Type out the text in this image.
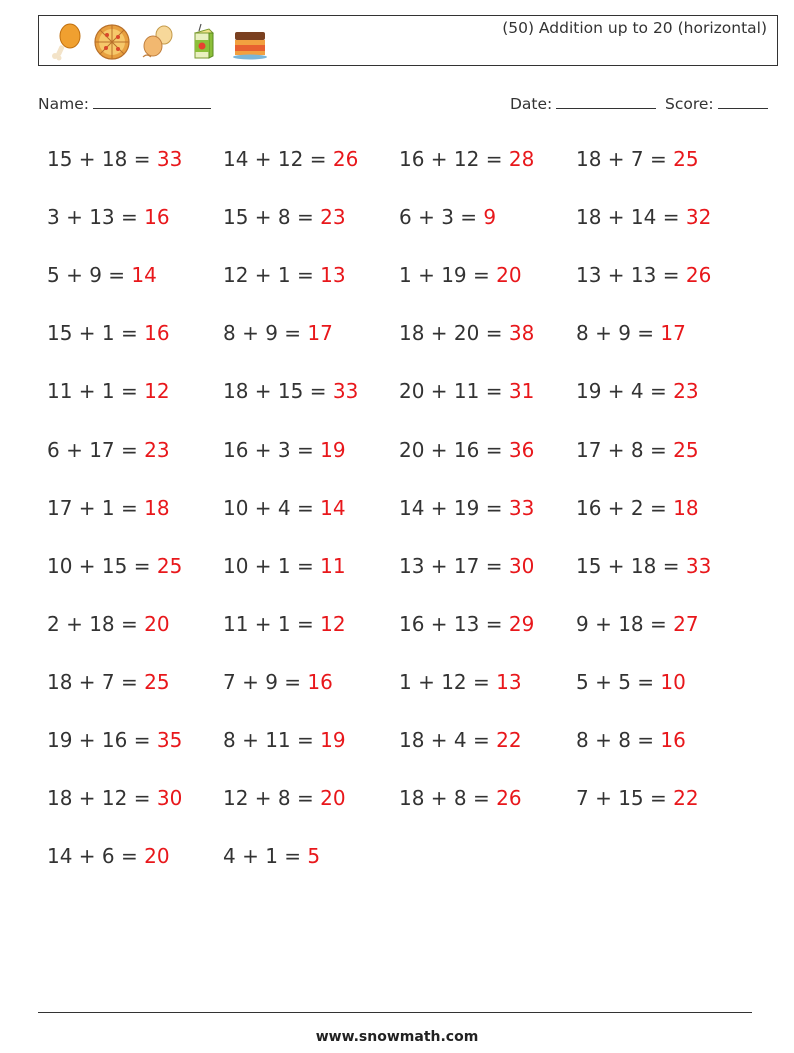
(50) Addition up to 20 (horizontal)
Name:	Date:	Score:
15 + 18 = 33 14 + 12 = 26 16 + 12 = 28 18 + 7 = 25
3 + 13 = 16	15 + 8 = 23	6 + 3 = 9	18 + 14 = 32
5 + 9 = 14	12 + 1 = 13	1 + 19 = 20	13 + 13 = 26
15 + 1 = 16	8 + 9 = 17	18 + 20 = 38 8 + 9 = 17
11 + 1 = 12	18 + 15 = 33 20 + 11 = 31 19 + 4 = 23
6 + 17 = 23	16 + 3 = 19	20 + 16 = 36 17 + 8 = 25
17 + 1 = 18	10 + 4 = 14	14 + 19 = 33 16 + 2 = 18
10 + 15 = 25 10 + 1 = 11	13 + 17 = 30 15 + 18 = 33
2 + 18 = 20	11 + 1 = 12	16 + 13 = 29 9 + 18 = 27
18 + 7 = 25	7 + 9 = 16	1 + 12 = 13	5 + 5 = 10
19 + 16 = 35 8 + 11 = 19	18 + 4 = 22	8 + 8 = 16
18 + 12 = 30 12 + 8 = 20	18 + 8 = 26	7 + 15 = 22
14 + 6 = 20	4 + 1 = 5
www.snowmath.com
